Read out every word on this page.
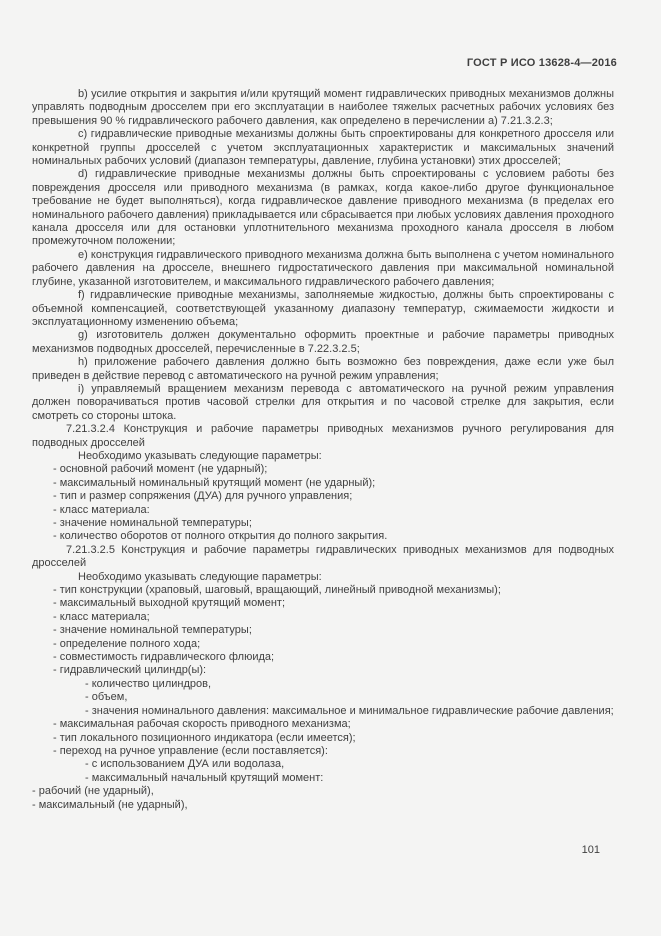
ГОСТ Р ИСО 13628-4—2016
b) усилие открытия и закрытия и/или крутящий момент гидравлических приводных механизмов должны управлять подводным дросселем при его эксплуатации в наиболее тяжелых расчетных рабочих условиях без превышения 90 % гидравлического рабочего давления, как определено в перечислении a) 7.21.3.2.3;
c) гидравлические приводные механизмы должны быть спроектированы для конкретного дросселя или конкретной группы дросселей с учетом эксплуатационных характеристик и максимальных значений номинальных рабочих условий (диапазон температуры, давление, глубина установки) этих дросселей;
d) гидравлические приводные механизмы должны быть спроектированы с условием работы без повреждения дросселя или приводного механизма (в рамках, когда какое-либо другое функциональное требование не будет выполняться), когда гидравлическое давление приводного механизма (в пределах его номинального рабочего давления) прикладывается или сбрасывается при любых условиях давления проходного канала дросселя или для остановки уплотнительного механизма проходного канала дросселя в любом промежуточном положении;
e) конструкция гидравлического приводного механизма должна быть выполнена с учетом номинального рабочего давления на дросселе, внешнего гидростатического давления при максимальной номинальной глубине, указанной изготовителем, и максимального гидравлического рабочего давления;
f) гидравлические приводные механизмы, заполняемые жидкостью, должны быть спроектированы с объемной компенсацией, соответствующей указанному диапазону температур, сжимаемости жидкости и эксплуатационному изменению объема;
g) изготовитель должен документально оформить проектные и рабочие параметры приводных механизмов подводных дросселей, перечисленные в 7.22.3.2.5;
h) приложение рабочего давления должно быть возможно без повреждения, даже если уже был приведен в действие перевод с автоматического на ручной режим управления;
i) управляемый вращением механизм перевода с автоматического на ручной режим управления должен поворачиваться против часовой стрелки для открытия и по часовой стрелке для закрытия, если смотреть со стороны штока.
7.21.3.2.4 Конструкция и рабочие параметры приводных механизмов ручного регулирования для подводных дросселей
Необходимо указывать следующие параметры:
- основной рабочий момент (не ударный);
- максимальный номинальный крутящий момент (не ударный);
- тип и размер сопряжения (ДУА) для ручного управления;
- класс материала:
- значение номинальной температуры;
- количество оборотов от полного открытия до полного закрытия.
7.21.3.2.5 Конструкция и рабочие параметры гидравлических приводных механизмов для подводных дросселей
Необходимо указывать следующие параметры:
- тип конструкции (храповый, шаговый, вращающий, линейный приводной механизмы);
- максимальный выходной крутящий момент;
- класс материала;
- значение номинальной температуры;
- определение полного хода;
- совместимость гидравлического флюида;
- гидравлический цилиндр(ы):
- количество цилиндров,
- объем,
- значения номинального давления: максимальное и минимальное гидравлические рабочие давления;
- максимальная рабочая скорость приводного механизма;
- тип локального позиционного индикатора (если имеется);
- переход на ручное управление (если поставляется):
- с использованием ДУА или водолаза,
- максимальный начальный крутящий момент:
- рабочий (не ударный),
- максимальный (не ударный),
101
